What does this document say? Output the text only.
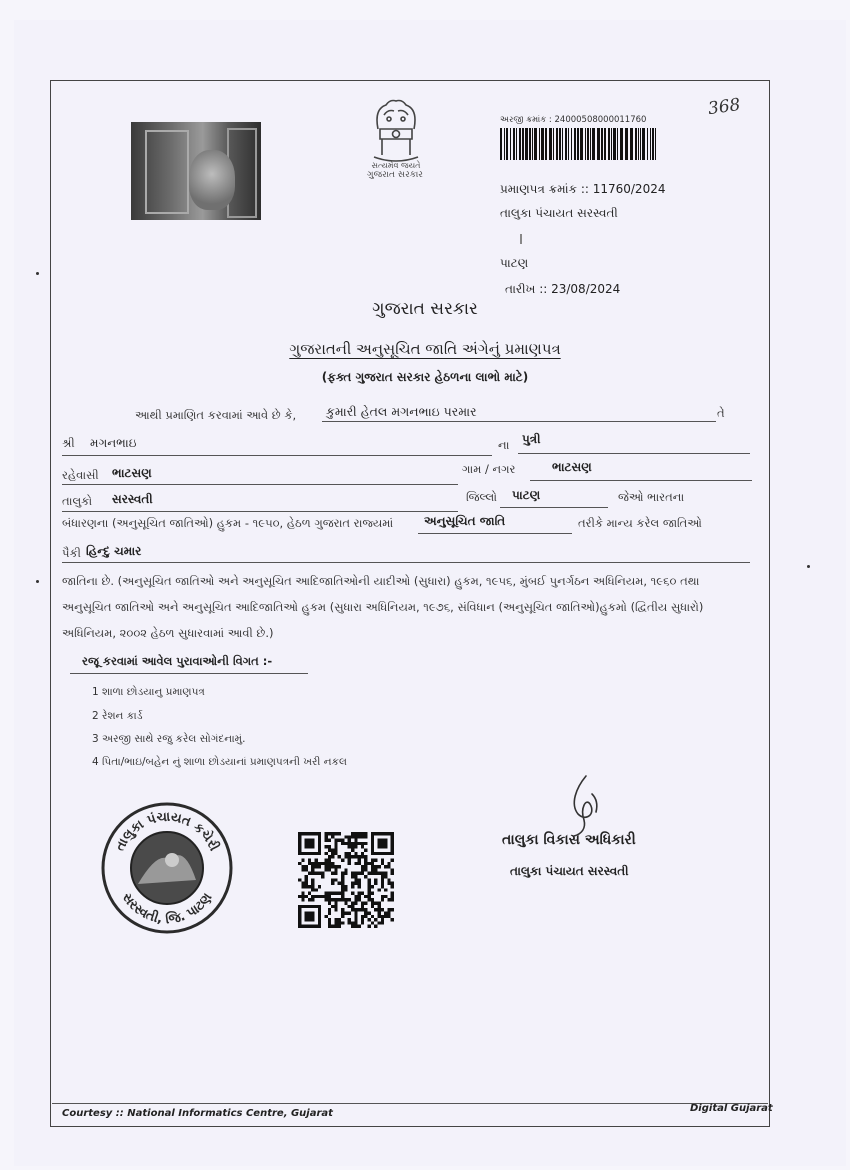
સત્યમેવ જયતે
ગુજરાત સરકાર
અરજી ક્રમાંક : 24000508000011760
368
પ્રમાણપત્ર ક્રમાંક :: 11760/2024
તાલુકા પંચાયત સરસ્વતી
પાટણ
તારીખ :: 23/08/2024
ગુજરાત સરકાર
ગુજરાતની અનુસૂચિત જાતિ અંગેનું પ્રમાણપત્ર
(ફક્ત ગુજરાત સરકાર હેઠળના લાભો માટે)
આથી પ્રમાણિત કરવામાં આવે છે કે, કુમારી હેતલ મગનભાઇ પરમાર	તે
શ્રી મગનભાઇ	ના પુત્રી
રહેવાસી ભાટસણ	ગામ / નગર	ભાટસણ
તાલુકો સરસ્વતી	જિલ્લો પાટણ	જેઓ ભારતના
બંધારણના (અનુસૂચિત જાતિઓ) હુકમ - ૧૯૫૦, હેઠળ ગુજરાત રાજ્યમાં	અનુસૂચિત જાતિ	તરીકે માન્ય કરેલ જાતિઓ
પૈકી હિન્દુ ચમાર
જાતિના છે. (અનુસૂચિત જાતિઓ અને અનુસૂચિત આદિજાતિઓની યાદીઓ (સુધારા) હુકમ, ૧૯૫૬, મુંબઈ પુનર્ગઠન અધિનિયમ, ૧૯૬૦ તથા
અનુસૂચિત જાતિઓ અને અનુસૂચિત આદિજાતિઓ હુકમ (સુધારા અધિનિયમ, ૧૯૭૬, સંવિધાન (અનુસૂચિત જાતિઓ)હુકમો (દ્વિતીય સુધારો)
અધિનિયમ, ૨૦૦૨ હેઠળ સુધારવામાં આવી છે.)
રજૂ કરવામાં આવેલ પુરાવાઓની વિગત :-
1 શાળા છોડયાનુ પ્રમાણપત્ર
2 રેશન કાર્ડ
3 અરજી સાથે રજુ કરેલ સોગંદનામું.
4 પિતા/ભાઇ/બહેન નું શાળા છોડયાનાં પ્રમાણપત્રની ખરી નકલ
તાલુકા પંચાયત કચેરી
સરસ્વતી, જિ. પાટણ
તાલુકા વિકાસ અધિકારી
તાલુકા પંચાયત સરસ્વતી
Courtesy :: National Informatics Centre, Gujarat	Digital Gujarat
